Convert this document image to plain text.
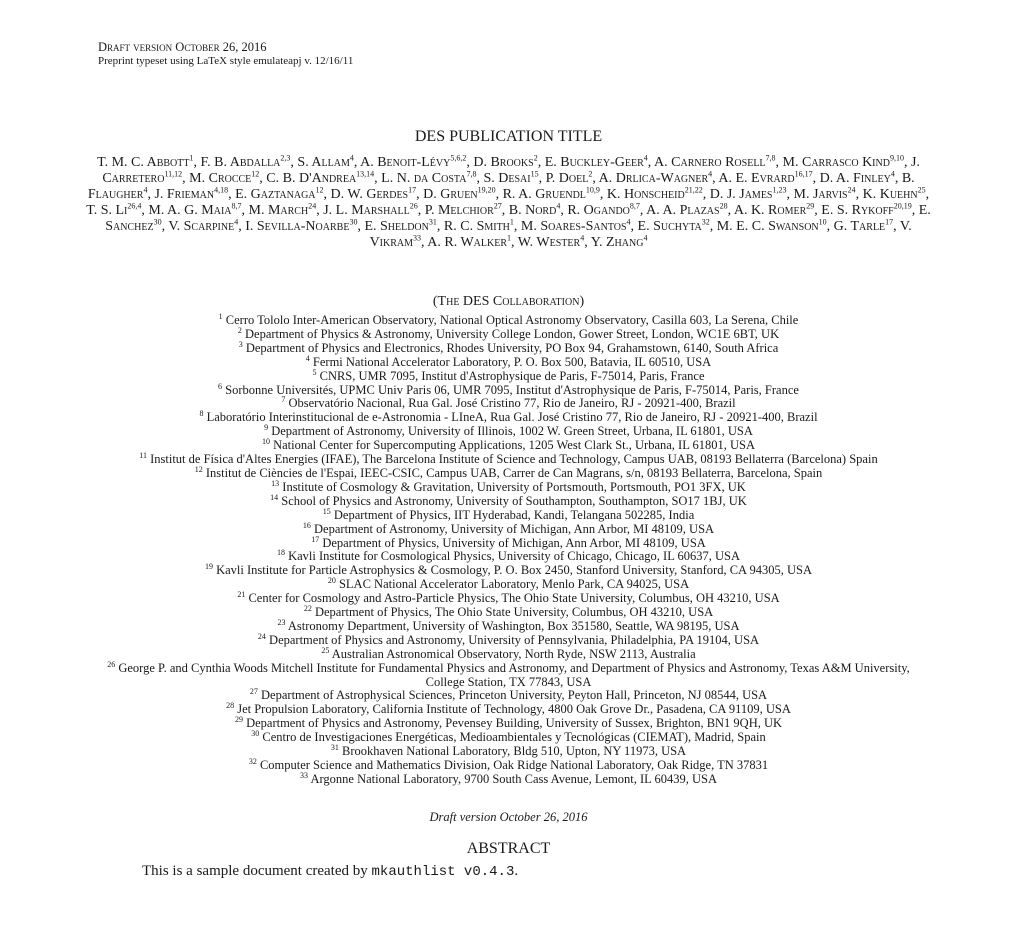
Draft version October 26, 2016
Preprint typeset using LaTeX style emulateapj v. 12/16/11
DES PUBLICATION TITLE
T. M. C. Abbott$^1$, F. B. Abdalla$^{2,3}$, S. Allam$^4$, A. Benoit-Lévy$^{5,6,2}$, D. Brooks$^2$, E. Buckley-Geer$^4$, A. Carnero Rosell$^{7,8}$, M. Carrasco Kind$^{9,10}$, J. Carretero$^{11,12}$, M. Crocce$^{12}$, C. B. D'Andrea$^{13,14}$, L. N. da Costa$^{7,8}$, S. Desai$^{15}$, P. Doel$^2$, A. Drlica-Wagner$^4$, A. E. Evrard$^{16,17}$, D. A. Finley$^4$, B. Flaugher$^4$, J. Frieman$^{4,18}$, E. Gaztanaga$^{12}$, D. W. Gerdes$^{17}$, D. Gruen$^{19,20}$, R. A. Gruendl$^{10,9}$, K. Honscheid$^{21,22}$, D. J. James$^{1,23}$, M. Jarvis$^{24}$, K. Kuehn$^{25}$, T. S. Li$^{26,4}$, M. A. G. Maia$^{8,7}$, M. March$^{24}$, J. L. Marshall$^{26}$, P. Melchior$^{27}$, B. Nord$^4$, R. Ogando$^{8,7}$, A. A. Plazas$^{28}$, A. K. Romer$^{29}$, E. S. Rykoff$^{20,19}$, E. Sanchez$^{30}$, V. Scarpine$^4$, I. Sevilla-Noarbe$^{30}$, E. Sheldon$^{31}$, R. C. Smith$^1$, M. Soares-Santos$^4$, E. Suchyta$^{32}$, M. E. C. Swanson$^{10}$, G. Tarle$^{17}$, V. Vikram$^{33}$, A. R. Walker$^1$, W. Wester$^4$, Y. Zhang$^4$
(The DES Collaboration)
$^1$ Cerro Tololo Inter-American Observatory, National Optical Astronomy Observatory, Casilla 603, La Serena, Chile
$^2$ Department of Physics & Astronomy, University College London, Gower Street, London, WC1E 6BT, UK
$^3$ Department of Physics and Electronics, Rhodes University, PO Box 94, Grahamstown, 6140, South Africa
$^4$ Fermi National Accelerator Laboratory, P. O. Box 500, Batavia, IL 60510, USA
$^5$ CNRS, UMR 7095, Institut d'Astrophysique de Paris, F-75014, Paris, France
$^6$ Sorbonne Universités, UPMC Univ Paris 06, UMR 7095, Institut d'Astrophysique de Paris, F-75014, Paris, France
$^7$ Observatório Nacional, Rua Gal. José Cristino 77, Rio de Janeiro, RJ - 20921-400, Brazil
$^8$ Laboratório Interinstitucional de e-Astronomia - LIneA, Rua Gal. José Cristino 77, Rio de Janeiro, RJ - 20921-400, Brazil
$^9$ Department of Astronomy, University of Illinois, 1002 W. Green Street, Urbana, IL 61801, USA
$^{10}$ National Center for Supercomputing Applications, 1205 West Clark St., Urbana, IL 61801, USA
$^{11}$ Institut de Física d'Altes Energies (IFAE), The Barcelona Institute of Science and Technology, Campus UAB, 08193 Bellaterra (Barcelona) Spain
$^{12}$ Institut de Ciències de l'Espai, IEEC-CSIC, Campus UAB, Carrer de Can Magrans, s/n, 08193 Bellaterra, Barcelona, Spain
$^{13}$ Institute of Cosmology & Gravitation, University of Portsmouth, Portsmouth, PO1 3FX, UK
$^{14}$ School of Physics and Astronomy, University of Southampton, Southampton, SO17 1BJ, UK
$^{15}$ Department of Physics, IIT Hyderabad, Kandi, Telangana 502285, India
$^{16}$ Department of Astronomy, University of Michigan, Ann Arbor, MI 48109, USA
$^{17}$ Department of Physics, University of Michigan, Ann Arbor, MI 48109, USA
$^{18}$ Kavli Institute for Cosmological Physics, University of Chicago, Chicago, IL 60637, USA
$^{19}$ Kavli Institute for Particle Astrophysics & Cosmology, P. O. Box 2450, Stanford University, Stanford, CA 94305, USA
$^{20}$ SLAC National Accelerator Laboratory, Menlo Park, CA 94025, USA
$^{21}$ Center for Cosmology and Astro-Particle Physics, The Ohio State University, Columbus, OH 43210, USA
$^{22}$ Department of Physics, The Ohio State University, Columbus, OH 43210, USA
$^{23}$ Astronomy Department, University of Washington, Box 351580, Seattle, WA 98195, USA
$^{24}$ Department of Physics and Astronomy, University of Pennsylvania, Philadelphia, PA 19104, USA
$^{25}$ Australian Astronomical Observatory, North Ryde, NSW 2113, Australia
$^{26}$ George P. and Cynthia Woods Mitchell Institute for Fundamental Physics and Astronomy, and Department of Physics and Astronomy, Texas A&M University, College Station, TX 77843, USA
$^{27}$ Department of Astrophysical Sciences, Princeton University, Peyton Hall, Princeton, NJ 08544, USA
$^{28}$ Jet Propulsion Laboratory, California Institute of Technology, 4800 Oak Grove Dr., Pasadena, CA 91109, USA
$^{29}$ Department of Physics and Astronomy, Pevensey Building, University of Sussex, Brighton, BN1 9QH, UK
$^{30}$ Centro de Investigaciones Energéticas, Medioambientales y Tecnológicas (CIEMAT), Madrid, Spain
$^{31}$ Brookhaven National Laboratory, Bldg 510, Upton, NY 11973, USA
$^{32}$ Computer Science and Mathematics Division, Oak Ridge National Laboratory, Oak Ridge, TN 37831
$^{33}$ Argonne National Laboratory, 9700 South Cass Avenue, Lemont, IL 60439, USA
Draft version October 26, 2016
ABSTRACT
This is a sample document created by mkauthlist v0.4.3.
